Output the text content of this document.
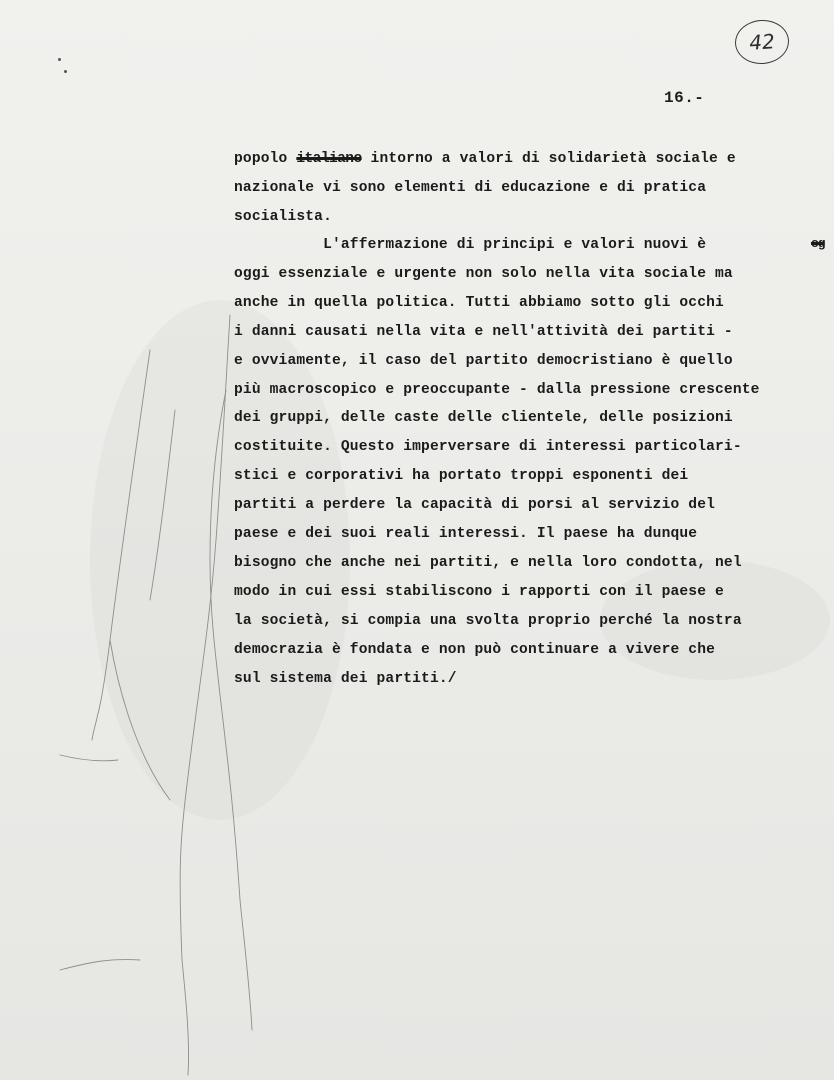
42
16.-
popolo italiano intorno a valori di solidarietà sociale e
nazionale vi sono elementi di educazione e di pratica
socialista.
L'affermazione di principi e valori nuovi è	og
oggi essenziale e urgente non solo nella vita sociale ma
anche in quella politica. Tutti abbiamo sotto gli occhi
i danni causati nella vita e nell'attività dei partiti -
e ovviamente, il caso del partito democristiano è quello
più macroscopico e preoccupante - dalla pressione crescente
dei gruppi, delle caste delle clientele, delle posizioni
costituite. Questo imperversare di interessi particolari-
stici e corporativi ha portato troppi esponenti dei
partiti a perdere la capacità di porsi al servizio del
paese e dei suoi reali interessi. Il paese ha dunque
bisogno che anche nei partiti, e nella loro condotta, nel
modo in cui essi stabiliscono i rapporti con il paese e
la società, si compia una svolta proprio perché la nostra
democrazia è fondata e non può continuare a vivere che
sul sistema dei partiti./
